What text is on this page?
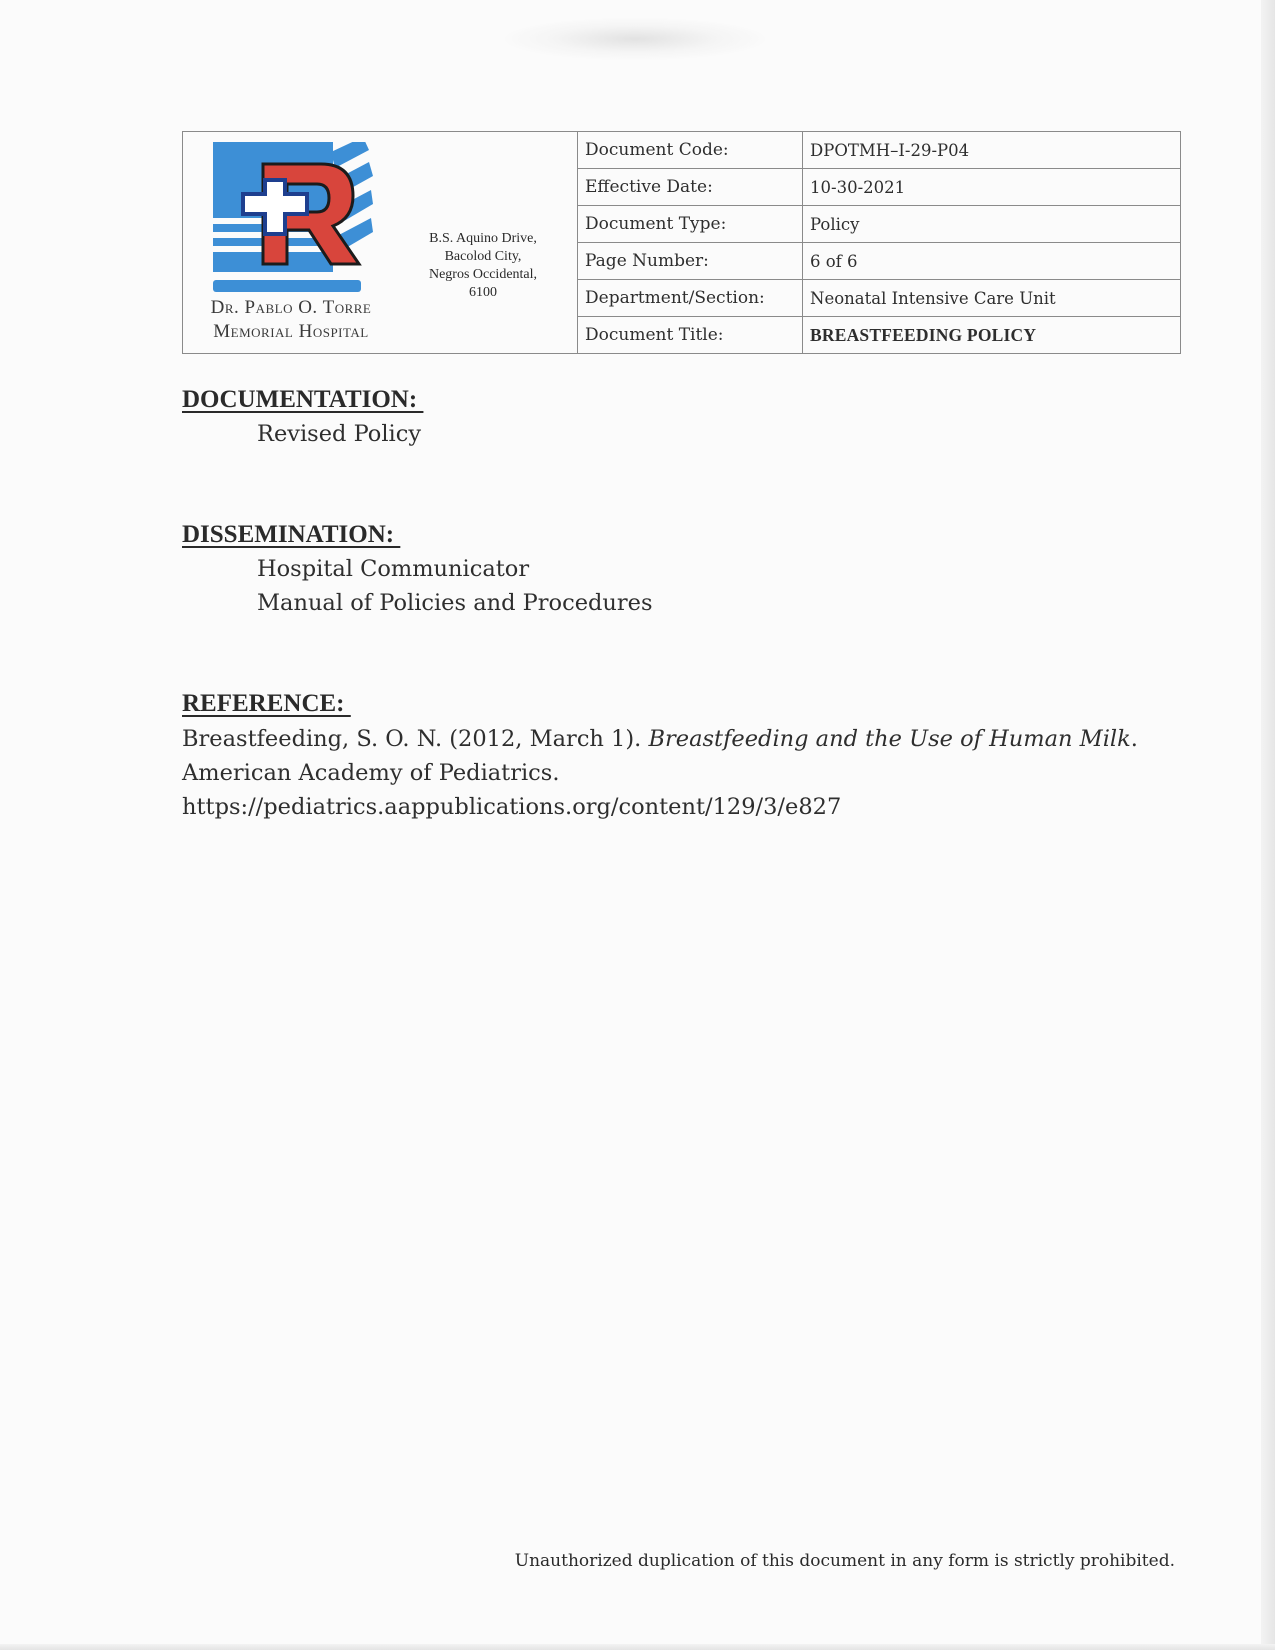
Dr. Pablo O. Torre
Memorial Hospital
B.S. Aquino Drive,
Bacolod City,
Negros Occidental,
6100
Document Code:	DPOTMH–I-29-P04
Effective Date:	10-30-2021
Document Type:	Policy
Page Number:	6 of 6
Department/Section:	Neonatal Intensive Care Unit
Document Title:	BREASTFEEDING POLICY
DOCUMENTATION:
Revised Policy
DISSEMINATION:
Hospital Communicator
Manual of Policies and Procedures
REFERENCE:
Breastfeeding, S. O. N. (2012, March 1). Breastfeeding and the Use of Human Milk. American Academy of Pediatrics. https://pediatrics.aappublications.org/content/129/3/e827
Unauthorized duplication of this document in any form is strictly prohibited.
